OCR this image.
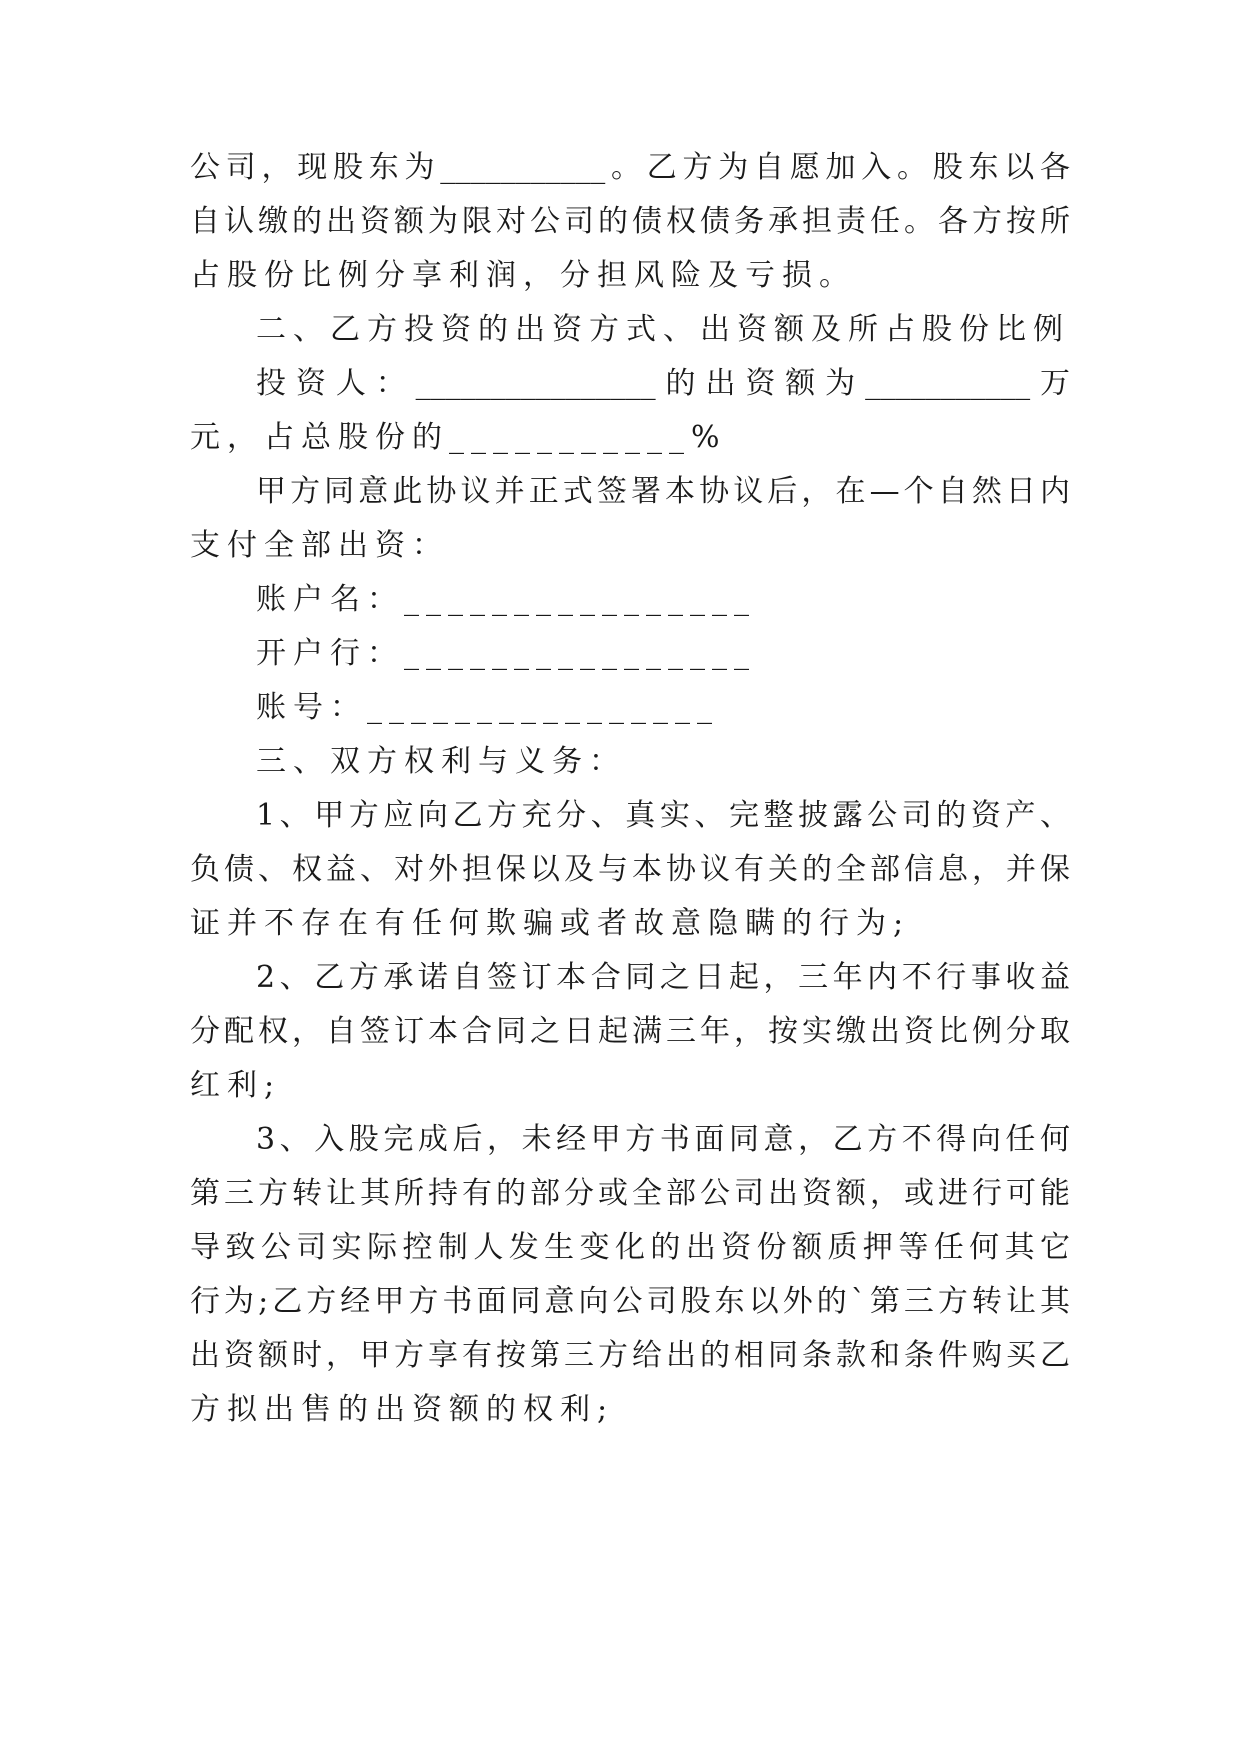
公司，现股东为___________。乙方为自愿加入。股东以各
自认缴的出资额为限对公司的债权债务承担责任。各方按所
占股份比例分享利润，分担风险及亏损。
二、乙方投资的出资方式、出资额及所占股份比例
投资人：________________的出资额为___________万
元，占总股份的___________%
甲方同意此协议并正式签署本协议后，在—个自然日内
支付全部出资：
账户名：________________
开户行：________________
账号：________________
三、双方权利与义务：
1、甲方应向乙方充分、真实、完整披露公司的资产、
负债、权益、对外担保以及与本协议有关的全部信息，并保
证并不存在有任何欺骗或者故意隐瞒的行为;
2、乙方承诺自签订本合同之日起，三年内不行事收益
分配权，自签订本合同之日起满三年，按实缴出资比例分取
红利;
3、入股完成后，未经甲方书面同意，乙方不得向任何
第三方转让其所持有的部分或全部公司出资额，或进行可能
导致公司实际控制人发生变化的出资份额质押等任何其它
行为;乙方经甲方书面同意向公司股东以外的`第三方转让其
出资额时，甲方享有按第三方给出的相同条款和条件购买乙
方拟出售的出资额的权利;
